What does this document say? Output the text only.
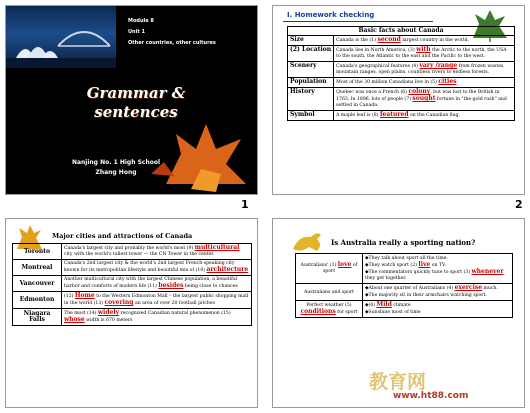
Module 8
Unit 1
Other countries, other cultures
Grammar &
sentences
Nanjing No. 1 High School
Zhang Hong
1
I. Homework checking
Basic facts about Canada	
Size	Canada is the (1) second largest country in the world.
(2) Location	Canada lies in North America, (3) with the Arctic to the north, the USA to the south, the Atlantic to the east and the Pacific to the west.
Scenery	Canada's geographical features (4) vary /range from frozen wastes, mountain ranges, open plains, countless rivers to endless forests.
Population	Most of the 30 million Canadians live in (5) cities.
History	Quebec was once a French (6) colony, but was lost to the British in 1763. In 1896, lots of people (7) sought fortune in "the gold rush" and settled in Canada.
Symbol	A maple leaf is (8) featured on the Canadian flag.
2
Major cities and attractions of Canada
Toronto	Canada's largest city and probably the world's most (9) multicultural city with the world's tallest tower — the CN Tower in the center.
Montreal	Canada's 2nd largest city & the world's 2nd largest French-speaking city known for its metropolitan lifestyle and beautiful mix of (10) architecture
Vancouver	Another multicultural city with the largest Chinese population, a beautiful harbor and comforts of modern life (11) besides being close to chances
Edmonton	(12) Home to the Western Edmonton Mall – the largest public shopping mall in the world (13) covering an area of over 20 football pitches
Niagara Falls	The most (14) widely recognized Canadian natural phenomenon (15) whose width is 670 meters
Is Australia really a sporting nation?
Australians' (1) love of sport	◆They talk about sport all the time.
◆They watch sport (2) live on TV.
◆The commentators quickly tune to sport (3) whenever they get together.

Australians and sport	◆About one quarter of Australians (4) exercise much.
◆The majority sit in their armchairs watching sport.

Perfect weather (5) conditions for sport	◆(6) Mild climate
◆Sunshine most of time
教育网
www.ht88.com
